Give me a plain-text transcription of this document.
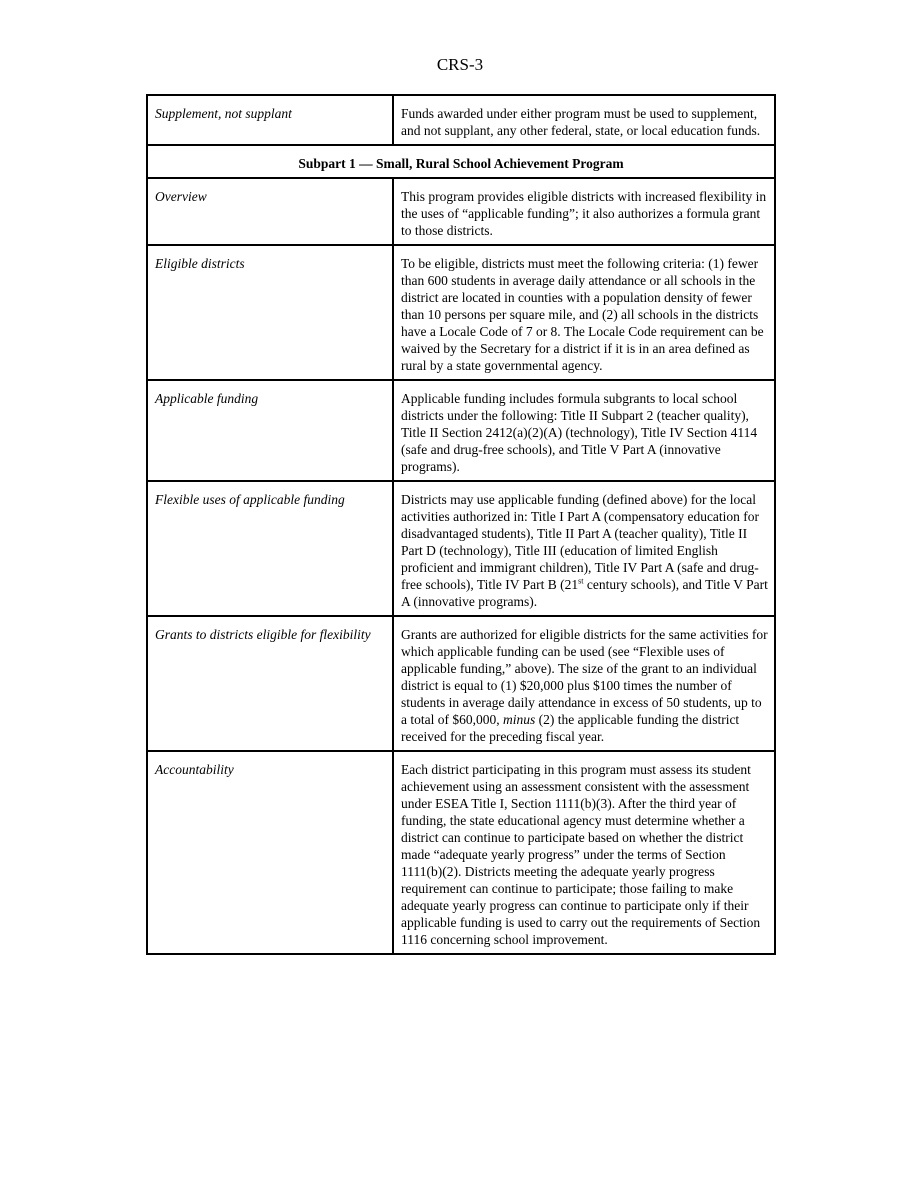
CRS-3
Supplement, not supplant	Funds awarded under either program must be used to supplement, and not supplant, any other federal, state, or local education funds.
Subpart 1 — Small, Rural School Achievement Program	
Overview	This program provides eligible districts with increased flexibility in the uses of “applicable funding”; it also authorizes a formula grant to those districts.
Eligible districts	To be eligible, districts must meet the following criteria: (1) fewer than 600 students in average daily attendance or all schools in the district are located in counties with a population density of fewer than 10 persons per square mile, and (2) all schools in the districts have a Locale Code of 7 or 8. The Locale Code requirement can be waived by the Secretary for a district if it is in an area defined as rural by a state governmental agency.
Applicable funding	Applicable funding includes formula subgrants to local school districts under the following: Title II Subpart 2 (teacher quality), Title II Section 2412(a)(2)(A) (technology), Title IV Section 4114 (safe and drug-free schools), and Title V Part A (innovative programs).
Flexible uses of applicable funding	Districts may use applicable funding (defined above) for the local activities authorized in: Title I Part A (compensatory education for disadvantaged students), Title II Part A (teacher quality), Title II Part D (technology), Title III (education of limited English proficient and immigrant children), Title IV Part A (safe and drug-free schools), Title IV Part B (21st century schools), and Title V Part A (innovative programs).
Grants to districts eligible for flexibility	Grants are authorized for eligible districts for the same activities for which applicable funding can be used (see “Flexible uses of applicable funding,” above). The size of the grant to an individual district is equal to (1) $20,000 plus $100 times the number of students in average daily attendance in excess of 50 students, up to a total of $60,000, minus (2) the applicable funding the district received for the preceding fiscal year.
Accountability	Each district participating in this program must assess its student achievement using an assessment consistent with the assessment under ESEA Title I, Section 1111(b)(3). After the third year of funding, the state educational agency must determine whether a district can continue to participate based on whether the district made “adequate yearly progress” under the terms of Section 1111(b)(2). Districts meeting the adequate yearly progress requirement can continue to participate; those failing to make adequate yearly progress can continue to participate only if their applicable funding is used to carry out the requirements of Section 1116 concerning school improvement.
